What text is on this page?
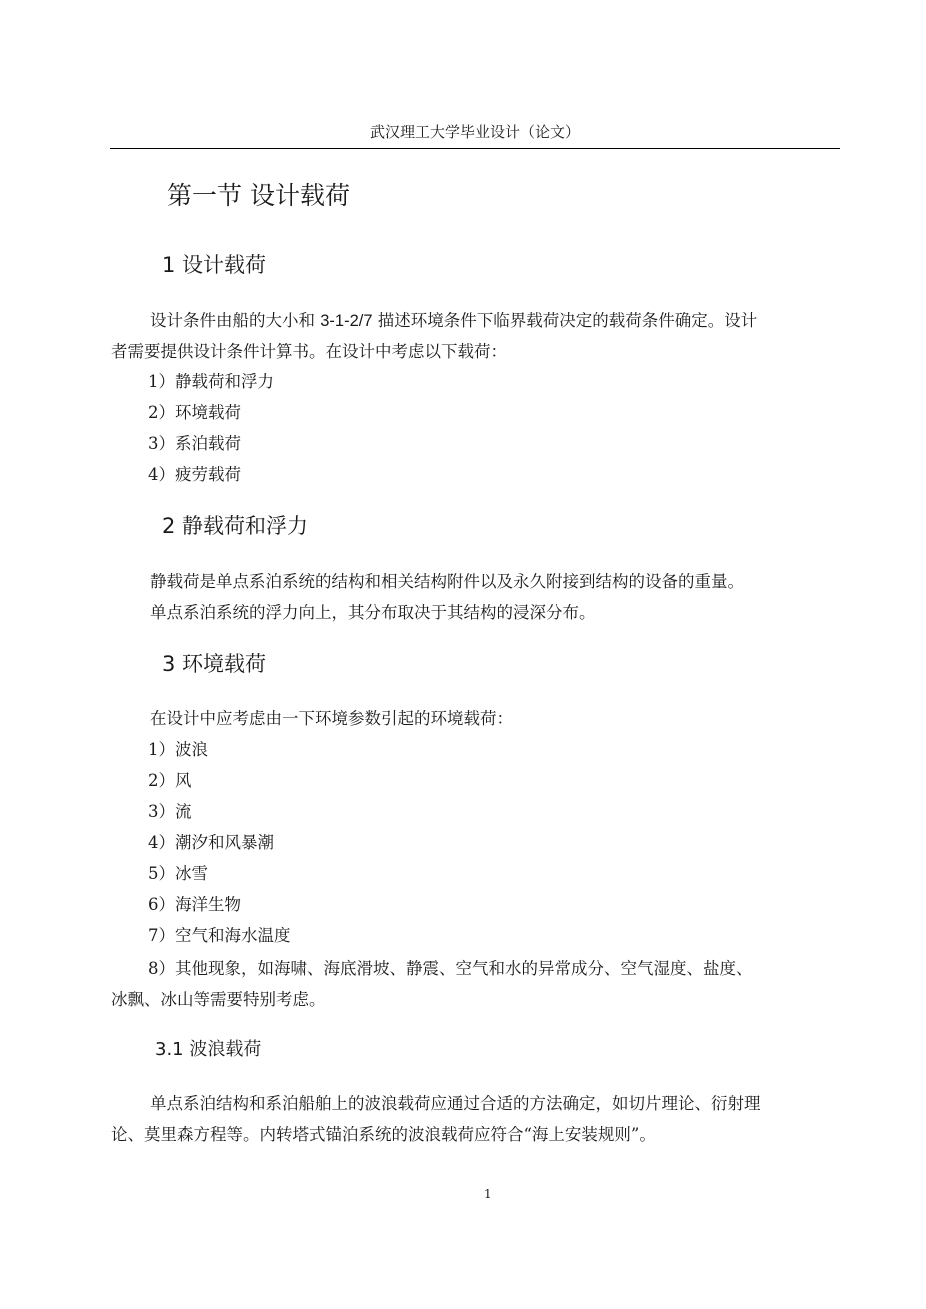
武汉理工大学毕业设计（论文）
第一节 设计载荷
1 设计载荷
设计条件由船的大小和 3-1-2/7 描述环境条件下临界载荷决定的载荷条件确定。设计
者需要提供设计条件计算书。在设计中考虑以下载荷：
1）静载荷和浮力
2）环境载荷
3）系泊载荷
4）疲劳载荷
2 静载荷和浮力
静载荷是单点系泊系统的结构和相关结构附件以及永久附接到结构的设备的重量。
单点系泊系统的浮力向上，其分布取决于其结构的浸深分布。
3 环境载荷
在设计中应考虑由一下环境参数引起的环境载荷：
1）波浪
2）风
3）流
4）潮汐和风暴潮
5）冰雪
6）海洋生物
7）空气和海水温度
8）其他现象，如海啸、海底滑坡、静震、空气和水的异常成分、空气湿度、盐度、
冰飘、冰山等需要特别考虑。
3.1 波浪载荷
单点系泊结构和系泊船舶上的波浪载荷应通过合适的方法确定，如切片理论、衍射理
论、莫里森方程等。内转塔式锚泊系统的波浪载荷应符合“海上安装规则”。
1
